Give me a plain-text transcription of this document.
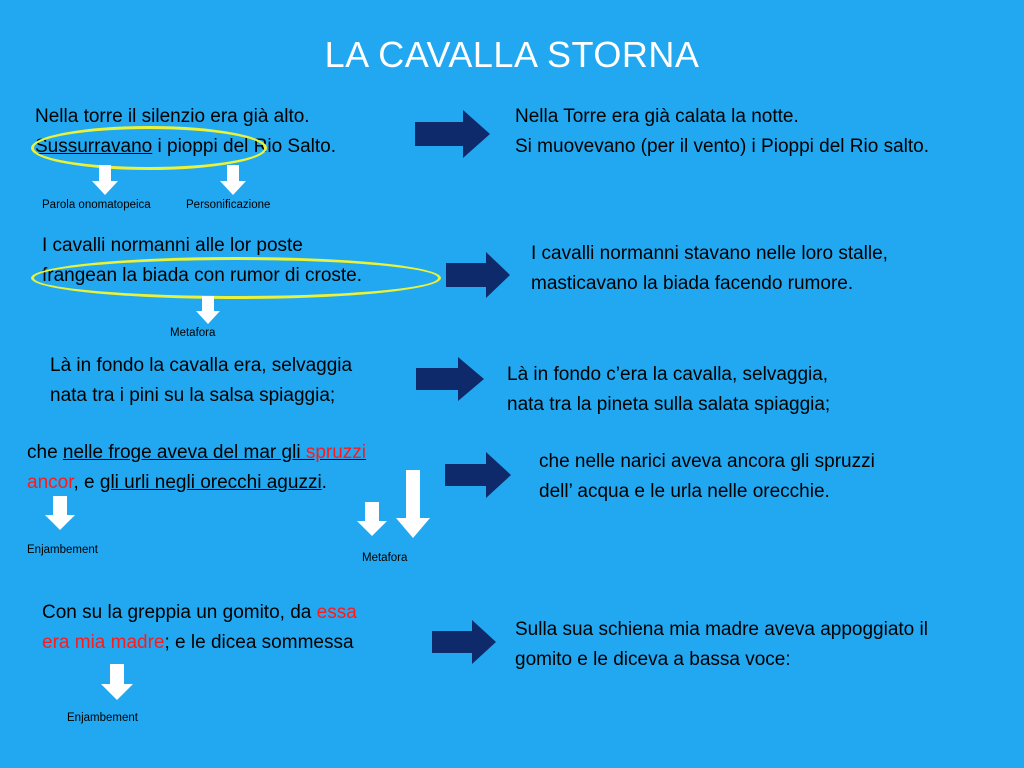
LA CAVALLA STORNA
Nella torre il silenzio era già alto.
Sussurravano i pioppi del Rio Salto.
Nella Torre era già calata la notte.
Si muovevano (per il vento) i Pioppi del Rio salto.
Parola onomatopeica	Personificazione
I cavalli normanni alle lor poste
frangean la biada con rumor di croste.
I cavalli normanni stavano nelle loro stalle,
masticavano la biada facendo rumore.
Metafora
Là in fondo la cavalla era, selvaggia
nata tra i pini su la salsa spiaggia;
Là in fondo c’era la cavalla, selvaggia,
nata tra la pineta sulla salata spiaggia;
che nelle froge aveva del mar gli spruzzi
ancor, e gli urli negli orecchi aguzzi.
che nelle narici aveva ancora gli spruzzi
dell’ acqua e le urla nelle orecchie.
Enjambement
Metafora
Con su la greppia un gomito, da essa
era mia madre; e le dicea sommessa
Sulla sua schiena mia madre aveva appoggiato il
gomito e le diceva a bassa voce:
Enjambement
